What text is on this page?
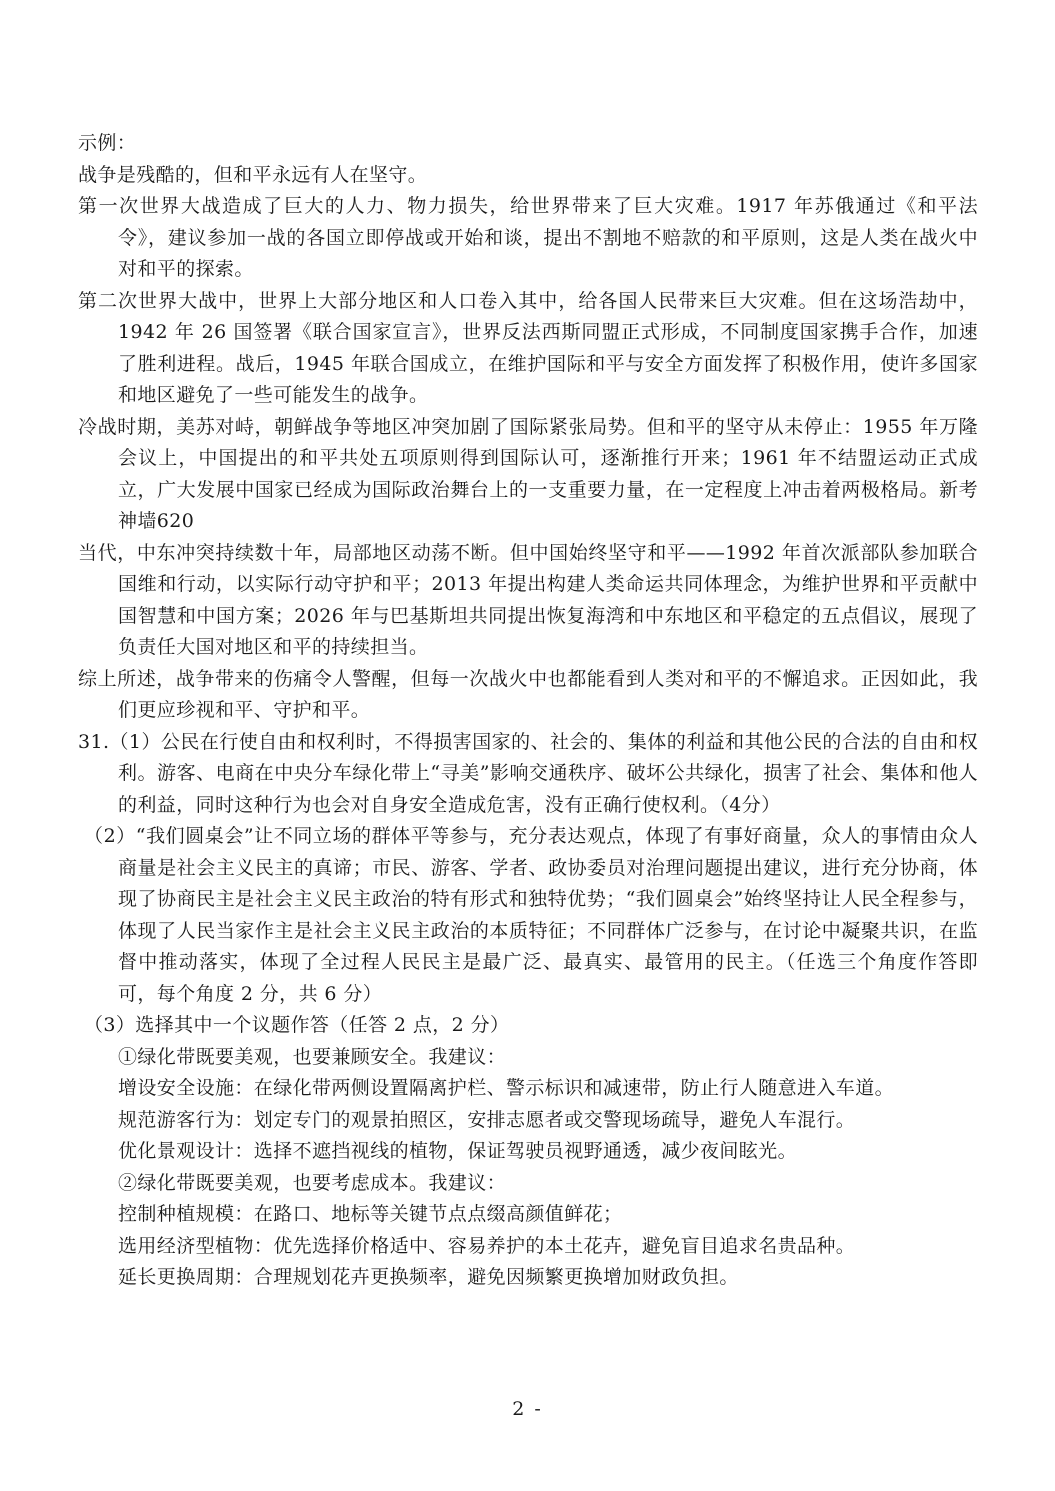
示例：

战争是残酷的，但和平永远有人在坚守。

第一次世界大战造成了巨大的人力、物力损失，给世界带来了巨大灾难。1917 年苏俄通过《和平法令》，建议参加一战的各国立即停战或开始和谈，提出不割地不赔款的和平原则，这是人类在战火中对和平的探索。

第二次世界大战中，世界上大部分地区和人口卷入其中，给各国人民带来巨大灾难。但在这场浩劫中，1942 年 26 国签署《联合国家宣言》，世界反法西斯同盟正式形成，不同制度国家携手合作，加速了胜利进程。战后，1945 年联合国成立，在维护国际和平与安全方面发挥了积极作用，使许多国家和地区避免了一些可能发生的战争。

冷战时期，美苏对峙，朝鲜战争等地区冲突加剧了国际紧张局势。但和平的坚守从未停止：1955 年万隆会议上，中国提出的和平共处五项原则得到国际认可，逐渐推行开来；1961 年不结盟运动正式成立，广大发展中国家已经成为国际政治舞台上的一支重要力量，在一定程度上冲击着两极格局。新考神墙620

当代，中东冲突持续数十年，局部地区动荡不断。但中国始终坚守和平——1992 年首次派部队参加联合国维和行动，以实际行动守护和平；2013 年提出构建人类命运共同体理念，为维护世界和平贡献中国智慧和中国方案；2026 年与巴基斯坦共同提出恢复海湾和中东地区和平稳定的五点倡议，展现了负责任大国对地区和平的持续担当。

综上所述，战争带来的伤痛令人警醒，但每一次战火中也都能看到人类对和平的不懈追求。正因如此，我们更应珍视和平、守护和平。

31.（1）公民在行使自由和权利时，不得损害国家的、社会的、集体的利益和其他公民的合法的自由和权利。游客、电商在中央分车绿化带上“寻美”影响交通秩序、破坏公共绿化，损害了社会、集体和他人的利益，同时这种行为也会对自身安全造成危害，没有正确行使权利。（4分）

（2）“我们圆桌会”让不同立场的群体平等参与，充分表达观点，体现了有事好商量，众人的事情由众人商量是社会主义民主的真谛；市民、游客、学者、政协委员对治理问题提出建议，进行充分协商，体现了协商民主是社会主义民主政治的特有形式和独特优势；“我们圆桌会”始终坚持让人民全程参与，体现了人民当家作主是社会主义民主政治的本质特征；不同群体广泛参与，在讨论中凝聚共识，在监督中推动落实，体现了全过程人民民主是最广泛、最真实、最管用的民主。（任选三个角度作答即可，每个角度 2 分，共 6 分）

（3）选择其中一个议题作答（任答 2 点，2 分）

①绿化带既要美观，也要兼顾安全。我建议：

增设安全设施：在绿化带两侧设置隔离护栏、警示标识和减速带，防止行人随意进入车道。

规范游客行为：划定专门的观景拍照区，安排志愿者或交警现场疏导，避免人车混行。

优化景观设计：选择不遮挡视线的植物，保证驾驶员视野通透，减少夜间眩光。

②绿化带既要美观，也要考虑成本。我建议：

控制种植规模：在路口、地标等关键节点点缀高颜值鲜花；

选用经济型植物：优先选择价格适中、容易养护的本土花卉，避免盲目追求名贵品种。

延长更换周期：合理规划花卉更换频率，避免因频繁更换增加财政负担。

2 -
